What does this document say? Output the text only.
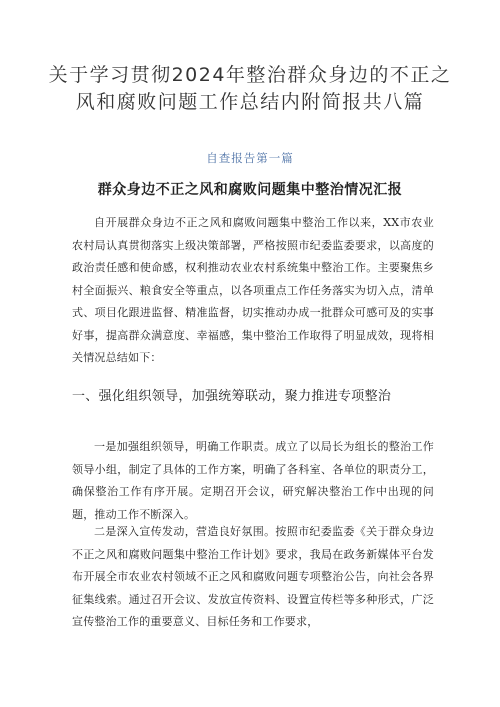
关于学习贯彻2024年整治群众身边的不正之风和腐败问题工作总结内附简报共八篇
自查报告第一篇
群众身边不正之风和腐败问题集中整治情况汇报

自开展群众身边不正之风和腐败问题集中整治工作以来，XX市农业农村局认真贯彻落实上级决策部署，严格按照市纪委监委要求，以高度的政治责任感和使命感，权利推动农业农村系统集中整治工作。主要聚焦乡村全面振兴、粮食安全等重点，以各项重点工作任务落实为切入点，清单式、项目化跟进监督、精准监督，切实推动办成一批群众可感可及的实事好事，提高群众满意度、幸福感，集中整治工作取得了明显成效，现将相关情况总结如下：

一、强化组织领导，加强统筹联动，聚力推进专项整治

一是加强组织领导，明确工作职责。成立了以局长为组长的整治工作领导小组，制定了具体的工作方案，明确了各科室、各单位的职责分工，确保整治工作有序开展。定期召开会议，研究解决整治工作中出现的问题，推动工作不断深入。

二是深入宣传发动，营造良好氛围。按照市纪委监委《关于群众身边不正之风和腐败问题集中整治工作计划》要求，我局在政务新媒体平台发布开展全市农业农村领域不正之风和腐败问题专项整治公告，向社会各界征集线索。通过召开会议、发放宣传资料、设置宣传栏等多种形式，广泛宣传整治工作的重要意义、目标任务和工作要求，
